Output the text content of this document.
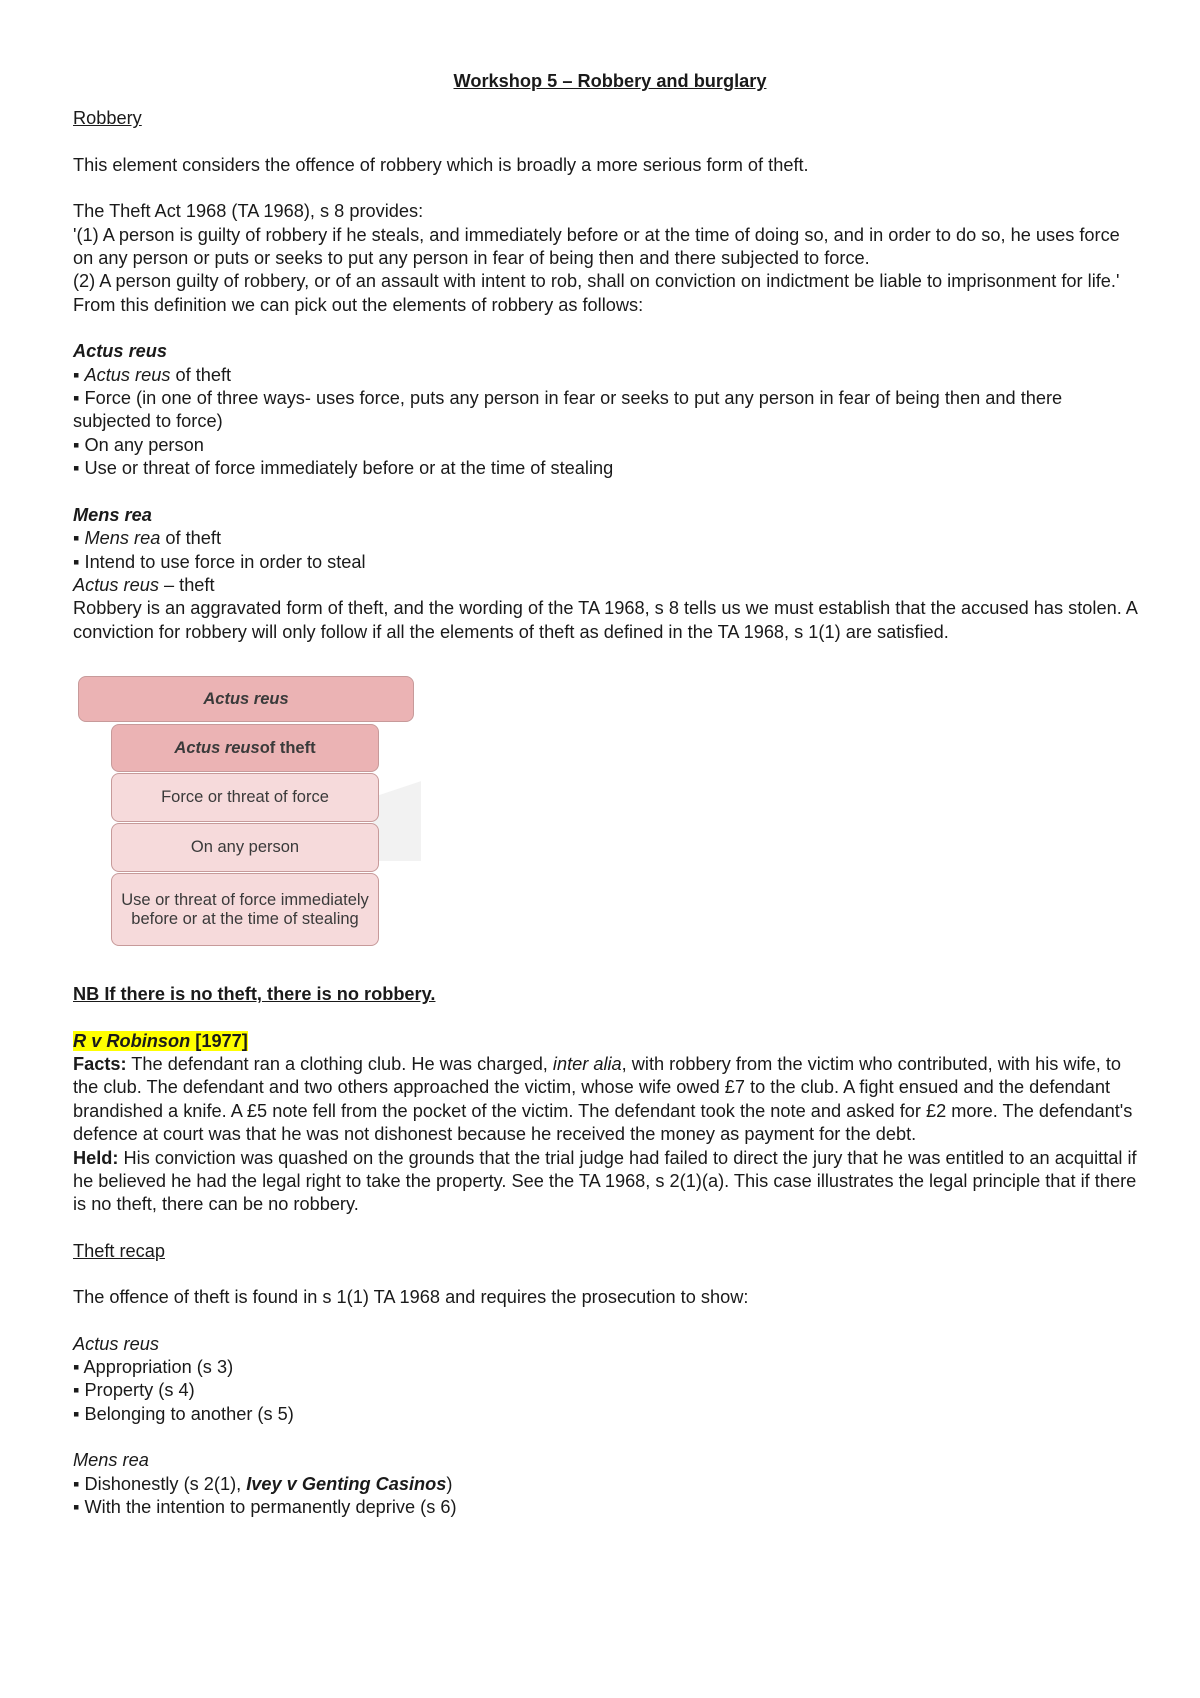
Workshop 5 – Robbery and burglary

Robbery

This element considers the offence of robbery which is broadly a more serious form of theft.

The Theft Act 1968 (TA 1968), s 8 provides:

'(1) A person is guilty of robbery if he steals, and immediately before or at the time of doing so, and in order to do so, he uses force on any person or puts or seeks to put any person in fear of being then and there subjected to force.

(2) A person guilty of robbery, or of an assault with intent to rob, shall on conviction on indictment be liable to imprisonment for life.'

From this definition we can pick out the elements of robbery as follows:

Actus reus

▪ Actus reus of theft

▪ Force (in one of three ways- uses force, puts any person in fear or seeks to put any person in fear of being then and there subjected to force)

▪ On any person

▪ Use or threat of force immediately before or at the time of stealing

Mens rea

▪ Mens rea of theft

▪ Intend to use force in order to steal

Actus reus – theft

Robbery is an aggravated form of theft, and the wording of the TA 1968, s 8 tells us we must establish that the accused has stolen. A conviction for robbery will only follow if all the elements of theft as defined in the TA 1968, s 1(1) are satisfied.

Actus reus
Actus reus of theft
Force or threat of force
On any person
Use or threat of force immediately before or at the time of stealing

NB If there is no theft, there is no robbery.

R v Robinson [1977]

Facts: The defendant ran a clothing club. He was charged, inter alia, with robbery from the victim who contributed, with his wife, to the club. The defendant and two others approached the victim, whose wife owed £7 to the club. A fight ensued and the defendant brandished a knife. A £5 note fell from the pocket of the victim. The defendant took the note and asked for £2 more. The defendant's defence at court was that he was not dishonest because he received the money as payment for the debt.

Held: His conviction was quashed on the grounds that the trial judge had failed to direct the jury that he was entitled to an acquittal if he believed he had the legal right to take the property. See the TA 1968, s 2(1)(a). This case illustrates the legal principle that if there is no theft, there can be no robbery.

Theft recap

The offence of theft is found in s 1(1) TA 1968 and requires the prosecution to show:

Actus reus

▪ Appropriation (s 3)

▪ Property (s 4)

▪ Belonging to another (s 5)

Mens rea

▪ Dishonestly (s 2(1), Ivey v Genting Casinos)

▪ With the intention to permanently deprive (s 6)
